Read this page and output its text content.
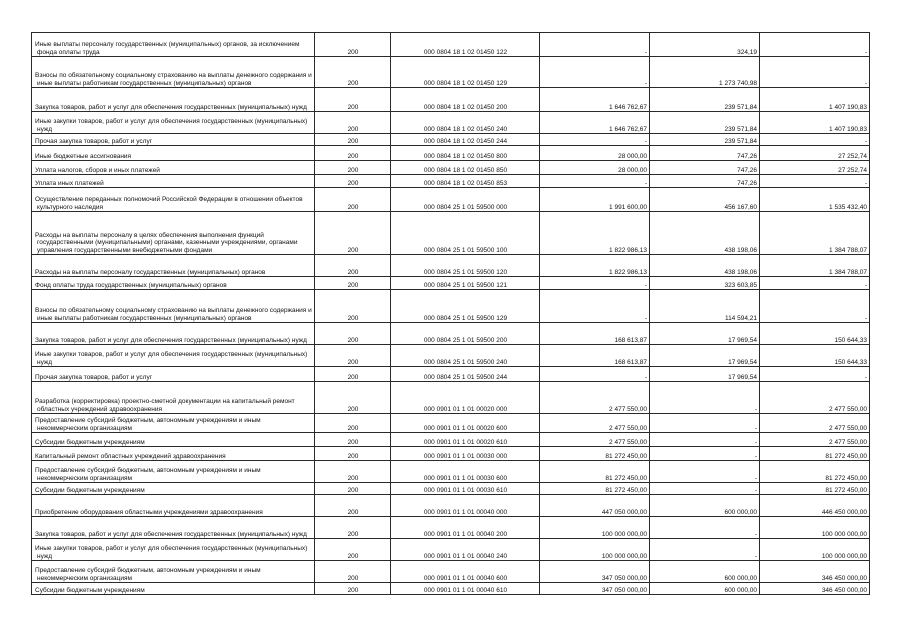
Иные выплаты персоналу государственных (муниципальных) органов, за исключением фонда оплаты труда	200	000 0804 18 1 02 01450 122	-	324,19	-
Взносы по обязательному социальному страхованию на выплаты денежного содержания и иные выплаты работникам государственных (муниципальных) органов	200	000 0804 18 1 02 01450 129	-	1 273 740,98	-
Закупка товаров, работ и услуг для обеспечения государственных (муниципальных) нужд	200	000 0804 18 1 02 01450 200	1 646 762,67	239 571,84	1 407 190,83
Иные закупки товаров, работ и услуг для обеспечения государственных (муниципальных) нужд	200	000 0804 18 1 02 01450 240	1 646 762,67	239 571,84	1 407 190,83
Прочая закупка товаров, работ и услуг	200	000 0804 18 1 02 01450 244	-	239 571,84	-
Иные бюджетные ассигнования	200	000 0804 18 1 02 01450 800	28 000,00	747,26	27 252,74
Уплата налогов, сборов и иных платежей	200	000 0804 18 1 02 01450 850	28 000,00	747,26	27 252,74
Уплата иных платежей	200	000 0804 18 1 02 01450 853	-	747,26	-
Осуществление переданных полномочий Российской Федерации в отношении объектов культурного наследия	200	000 0804 25 1 01 59500 000	1 991 600,00	456 167,60	1 535 432,40
Расходы на выплаты персоналу в целях обеспечения выполнения функций государственными (муниципальными) органами, казенными учреждениями, органами управления государственными внебюджетными фондами	200	000 0804 25 1 01 59500 100	1 822 986,13	438 198,06	1 384 788,07
Расходы на выплаты персоналу государственных (муниципальных) органов	200	000 0804 25 1 01 59500 120	1 822 986,13	438 198,06	1 384 788,07
Фонд оплаты труда государственных (муниципальных) органов	200	000 0804 25 1 01 59500 121	-	323 603,85	-
Взносы по обязательному социальному страхованию на выплаты денежного содержания и иные выплаты работникам государственных (муниципальных) органов	200	000 0804 25 1 01 59500 129	-	114 594,21	-
Закупка товаров, работ и услуг для обеспечения государственных (муниципальных) нужд	200	000 0804 25 1 01 59500 200	168 613,87	17 969,54	150 644,33
Иные закупки товаров, работ и услуг для обеспечения государственных (муниципальных) нужд	200	000 0804 25 1 01 59500 240	168 613,87	17 969,54	150 644,33
Прочая закупка товаров, работ и услуг	200	000 0804 25 1 01 59500 244	-	17 969,54	-
Разработка (корректировка) проектно-сметной документации на капитальный ремонт областных учреждений здравоохранения	200	000 0901 01 1 01 00020 000	2 477 550,00	-	2 477 550,00
Предоставление субсидий бюджетным, автономным учреждениям и иным некоммерческим организациям	200	000 0901 01 1 01 00020 600	2 477 550,00	-	2 477 550,00
Субсидии бюджетным учреждениям	200	000 0901 01 1 01 00020 610	2 477 550,00	-	2 477 550,00
Капитальный ремонт областных учреждений здравоохранения	200	000 0901 01 1 01 00030 000	81 272 450,00	-	81 272 450,00
Предоставление субсидий бюджетным, автономным учреждениям и иным некоммерческим организациям	200	000 0901 01 1 01 00030 600	81 272 450,00	-	81 272 450,00
Субсидии бюджетным учреждениям	200	000 0901 01 1 01 00030 610	81 272 450,00	-	81 272 450,00
Приобретение оборудования областными учреждениями здравоохранения	200	000 0901 01 1 01 00040 000	447 050 000,00	600 000,00	446 450 000,00
Закупка товаров, работ и услуг для обеспечения государственных (муниципальных) нужд	200	000 0901 01 1 01 00040 200	100 000 000,00	-	100 000 000,00
Иные закупки товаров, работ и услуг для обеспечения государственных (муниципальных) нужд	200	000 0901 01 1 01 00040 240	100 000 000,00	-	100 000 000,00
Предоставление субсидий бюджетным, автономным учреждениям и иным некоммерческим организациям	200	000 0901 01 1 01 00040 600	347 050 000,00	600 000,00	346 450 000,00
Субсидии бюджетным учреждениям	200	000 0901 01 1 01 00040 610	347 050 000,00	600 000,00	346 450 000,00
